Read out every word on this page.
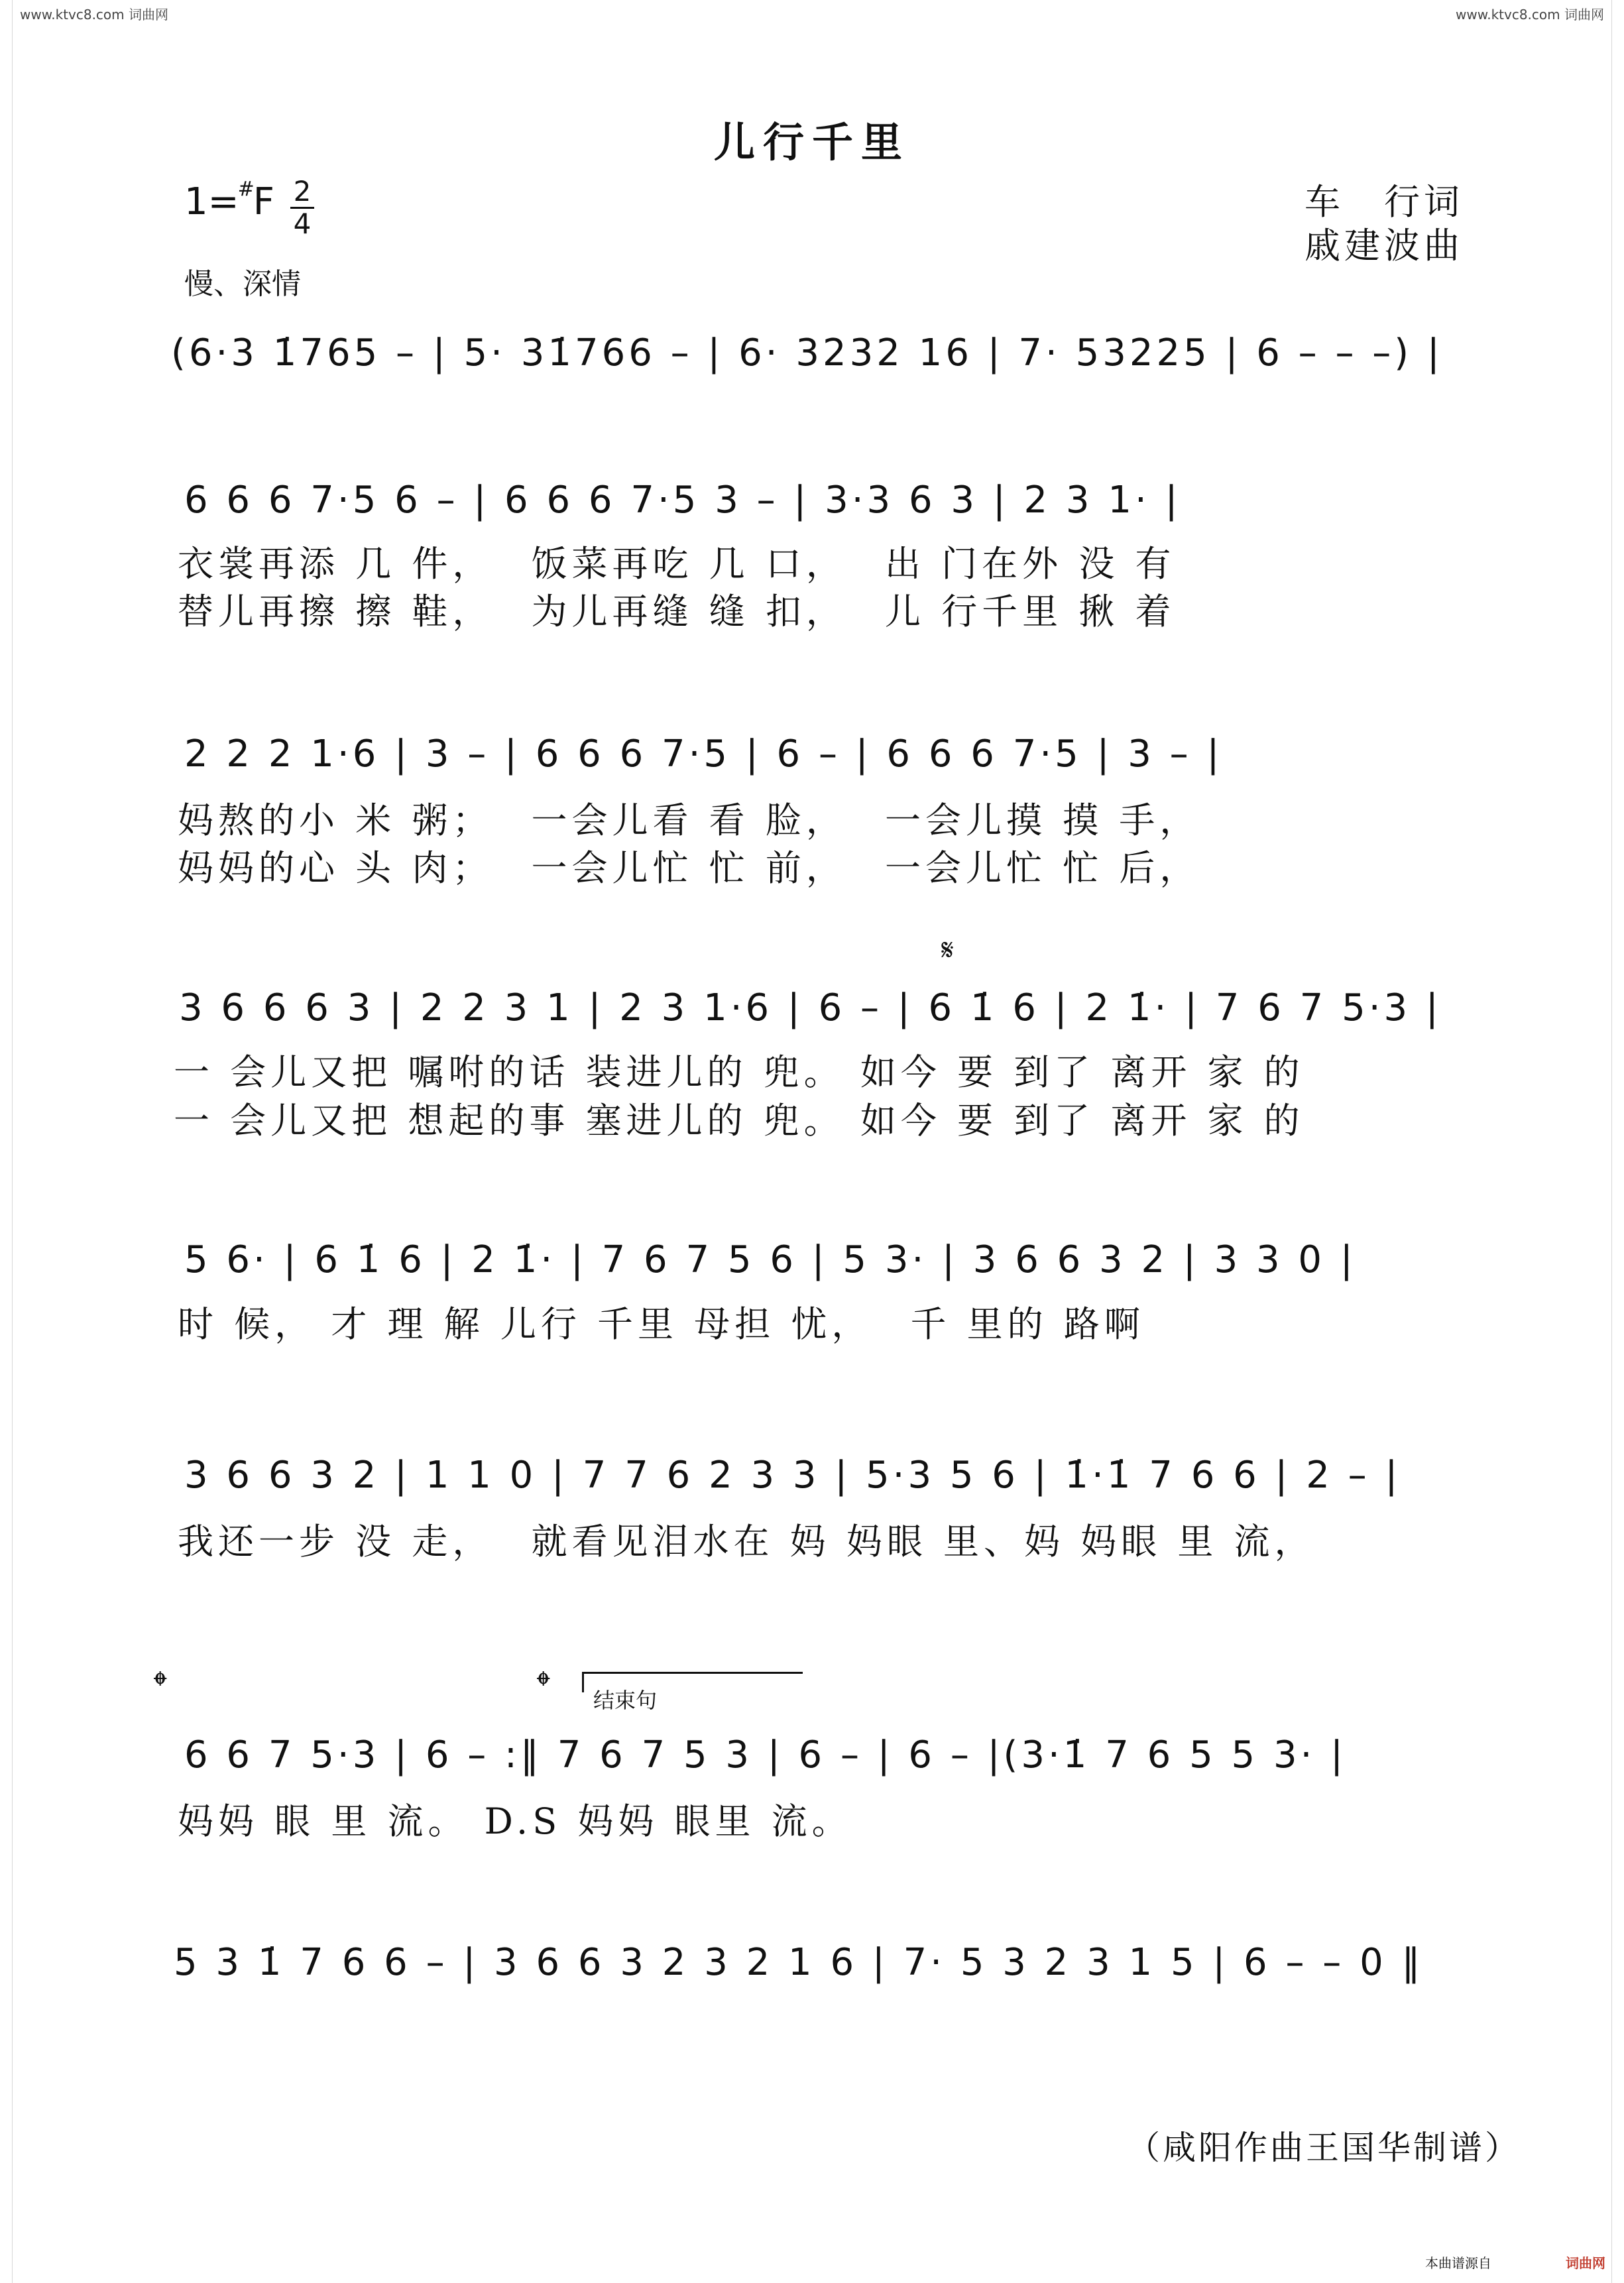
www.ktvc8.com 词曲网	www.ktvc8.com 词曲网
儿行千里
1=#F 2
4
慢、深情
车　行词
戚建波曲
(6·3 1̇765 – | 5· 31̇766 – | 6· 3232 16 | 7· 53225 | 6 – – –) |
6 6 6 7·5 6 – | 6 6 6 7·5 3 – | 3·3 6 3 | 2 3 1· |
衣裳再添 几 件，　 饭菜再吃 几 口，　 出 门在外 没 有
替儿再擦 擦 鞋，　 为儿再缝 缝 扣，　 儿 行千里 揪 着
2 2 2 1·6 | 3 – | 6 6 6 7·5 | 6 – | 6 6 6 7·5 | 3 – |
妈熬的小 米 粥；　 一会儿看 看 脸，　 一会儿摸 摸 手，
妈妈的心 头 肉；　 一会儿忙 忙 前，　 一会儿忙 忙 后，
𝄋
3 6 6 6 3 | 2 2 3 1 | 2 3 1·6 | 6 – | 6 1̇ 6 | 2 1̇· | 7 6 7 5·3 |
一 会儿又把 嘱咐的话 装进儿的 兜。 如今 要 到了 离开 家 的
一 会儿又把 想起的事 塞进儿的 兜。 如今 要 到了 离开 家 的
5 6· | 6 1̇ 6 | 2 1̇· | 7 6 7 5 6 | 5 3· | 3 6 6 3 2 | 3 3 0 |
时 候， 才 理 解 儿行 千里 母担 忧，　 千 里的 路啊
3 6 6 3 2 | 1 1 0 | 7 7 6 2 3 3 | 5·3 5 6 | 1̇·1̇ 7 6 6 | 2 – |
我还一步 没 走，　 就看见泪水在 妈 妈眼 里、妈 妈眼 里 流，
𝄌	𝄌 结束句
6 6 7 5·3 | 6 – :‖ 7 6 7 5 3 | 6 – | 6 – |(3·1̇ 7 6 5 5 3· |
妈妈 眼 里 流。 D.S 妈妈 眼里 流。
5 3 1̇ 7 6 6 – | 3 6 6 3 2 3 2 1 6 | 7· 5 3 2 3 1 5 | 6 – – 0 ‖
（咸阳作曲王国华制谱）
本曲谱源自	词曲网
